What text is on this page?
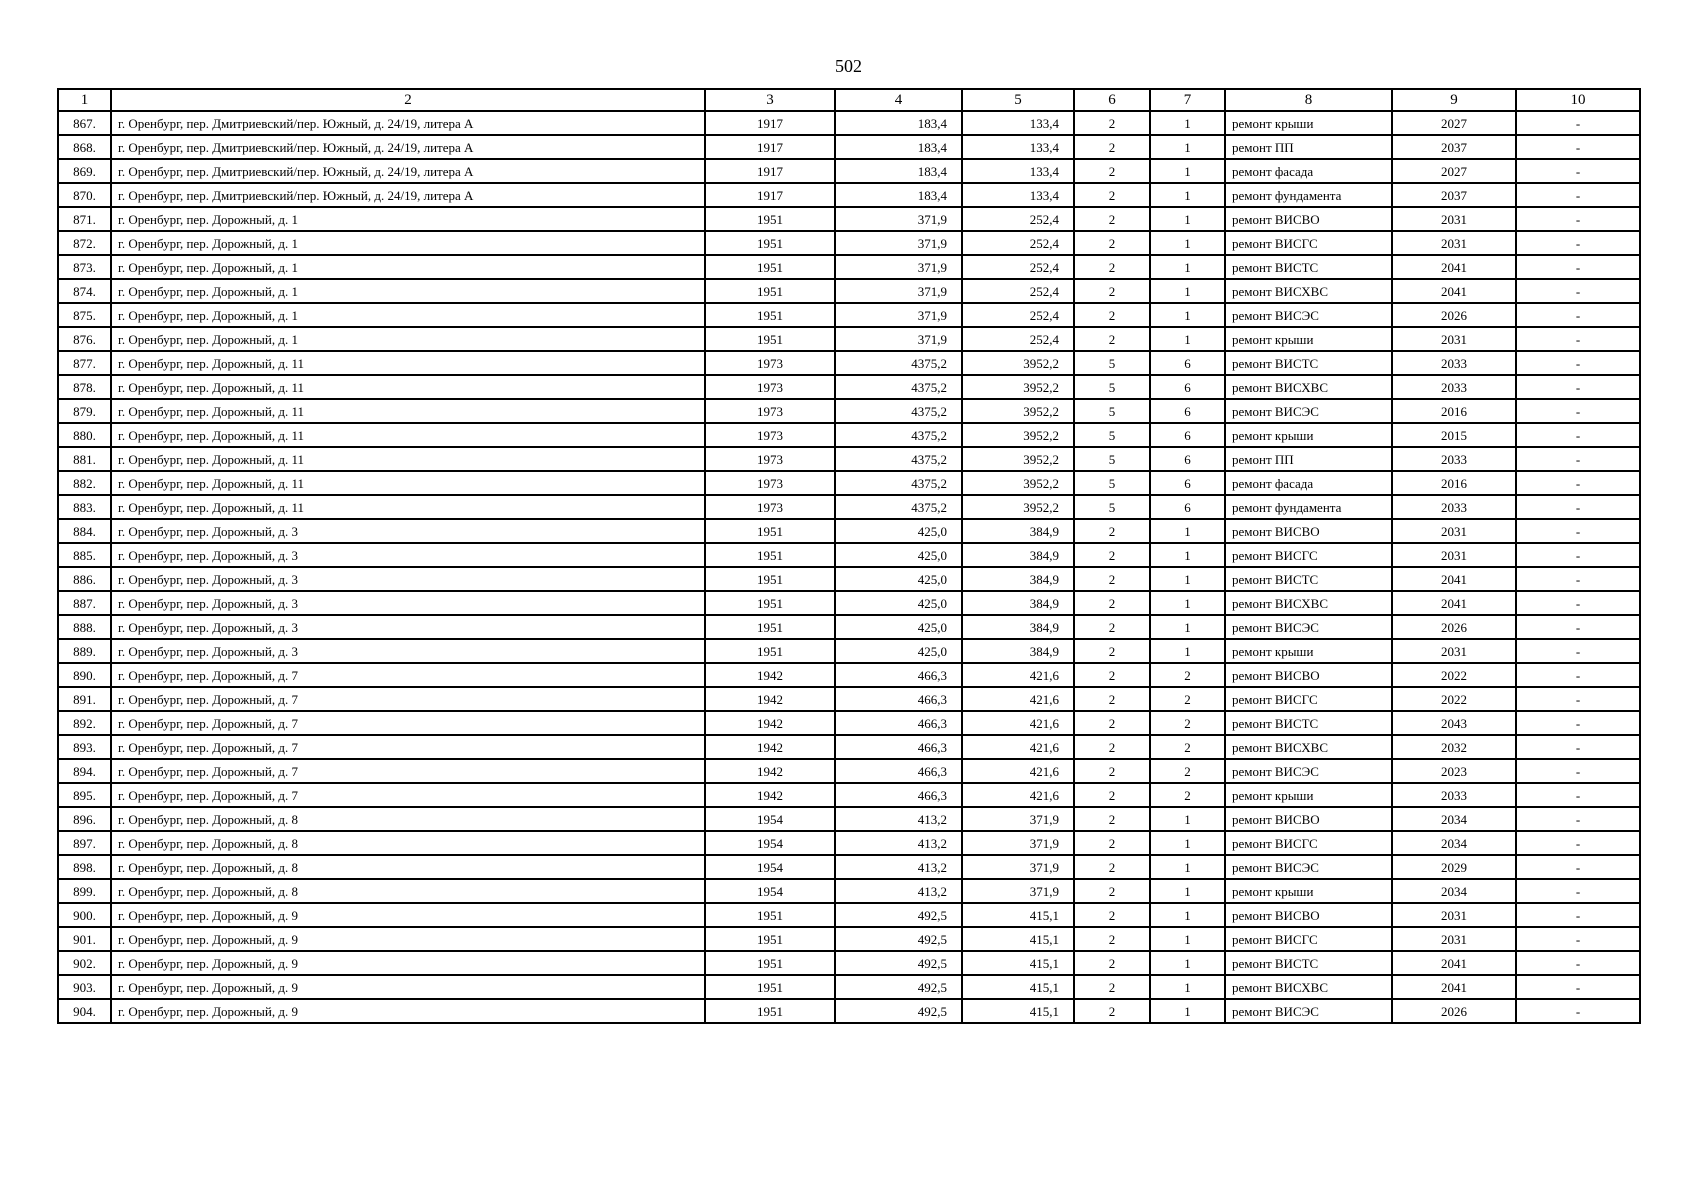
502
1	2	3	4	5	6	7	8	9	10
867.	г. Оренбург, пер. Дмитриевский/пер. Южный, д. 24/19, литера А	1917	183,4	133,4	2	1	ремонт крыши	2027	-
868.	г. Оренбург, пер. Дмитриевский/пер. Южный, д. 24/19, литера А	1917	183,4	133,4	2	1	ремонт ПП	2037	-
869.	г. Оренбург, пер. Дмитриевский/пер. Южный, д. 24/19, литера А	1917	183,4	133,4	2	1	ремонт фасада	2027	-
870.	г. Оренбург, пер. Дмитриевский/пер. Южный, д. 24/19, литера А	1917	183,4	133,4	2	1	ремонт фундамента	2037	-
871.	г. Оренбург, пер. Дорожный, д. 1	1951	371,9	252,4	2	1	ремонт ВИСВО	2031	-
872.	г. Оренбург, пер. Дорожный, д. 1	1951	371,9	252,4	2	1	ремонт ВИСГС	2031	-
873.	г. Оренбург, пер. Дорожный, д. 1	1951	371,9	252,4	2	1	ремонт ВИСТС	2041	-
874.	г. Оренбург, пер. Дорожный, д. 1	1951	371,9	252,4	2	1	ремонт ВИСХВС	2041	-
875.	г. Оренбург, пер. Дорожный, д. 1	1951	371,9	252,4	2	1	ремонт ВИСЭС	2026	-
876.	г. Оренбург, пер. Дорожный, д. 1	1951	371,9	252,4	2	1	ремонт крыши	2031	-
877.	г. Оренбург, пер. Дорожный, д. 11	1973	4375,2	3952,2	5	6	ремонт ВИСТС	2033	-
878.	г. Оренбург, пер. Дорожный, д. 11	1973	4375,2	3952,2	5	6	ремонт ВИСХВС	2033	-
879.	г. Оренбург, пер. Дорожный, д. 11	1973	4375,2	3952,2	5	6	ремонт ВИСЭС	2016	-
880.	г. Оренбург, пер. Дорожный, д. 11	1973	4375,2	3952,2	5	6	ремонт крыши	2015	-
881.	г. Оренбург, пер. Дорожный, д. 11	1973	4375,2	3952,2	5	6	ремонт ПП	2033	-
882.	г. Оренбург, пер. Дорожный, д. 11	1973	4375,2	3952,2	5	6	ремонт фасада	2016	-
883.	г. Оренбург, пер. Дорожный, д. 11	1973	4375,2	3952,2	5	6	ремонт фундамента	2033	-
884.	г. Оренбург, пер. Дорожный, д. 3	1951	425,0	384,9	2	1	ремонт ВИСВО	2031	-
885.	г. Оренбург, пер. Дорожный, д. 3	1951	425,0	384,9	2	1	ремонт ВИСГС	2031	-
886.	г. Оренбург, пер. Дорожный, д. 3	1951	425,0	384,9	2	1	ремонт ВИСТС	2041	-
887.	г. Оренбург, пер. Дорожный, д. 3	1951	425,0	384,9	2	1	ремонт ВИСХВС	2041	-
888.	г. Оренбург, пер. Дорожный, д. 3	1951	425,0	384,9	2	1	ремонт ВИСЭС	2026	-
889.	г. Оренбург, пер. Дорожный, д. 3	1951	425,0	384,9	2	1	ремонт крыши	2031	-
890.	г. Оренбург, пер. Дорожный, д. 7	1942	466,3	421,6	2	2	ремонт ВИСВО	2022	-
891.	г. Оренбург, пер. Дорожный, д. 7	1942	466,3	421,6	2	2	ремонт ВИСГС	2022	-
892.	г. Оренбург, пер. Дорожный, д. 7	1942	466,3	421,6	2	2	ремонт ВИСТС	2043	-
893.	г. Оренбург, пер. Дорожный, д. 7	1942	466,3	421,6	2	2	ремонт ВИСХВС	2032	-
894.	г. Оренбург, пер. Дорожный, д. 7	1942	466,3	421,6	2	2	ремонт ВИСЭС	2023	-
895.	г. Оренбург, пер. Дорожный, д. 7	1942	466,3	421,6	2	2	ремонт крыши	2033	-
896.	г. Оренбург, пер. Дорожный, д. 8	1954	413,2	371,9	2	1	ремонт ВИСВО	2034	-
897.	г. Оренбург, пер. Дорожный, д. 8	1954	413,2	371,9	2	1	ремонт ВИСГС	2034	-
898.	г. Оренбург, пер. Дорожный, д. 8	1954	413,2	371,9	2	1	ремонт ВИСЭС	2029	-
899.	г. Оренбург, пер. Дорожный, д. 8	1954	413,2	371,9	2	1	ремонт крыши	2034	-
900.	г. Оренбург, пер. Дорожный, д. 9	1951	492,5	415,1	2	1	ремонт ВИСВО	2031	-
901.	г. Оренбург, пер. Дорожный, д. 9	1951	492,5	415,1	2	1	ремонт ВИСГС	2031	-
902.	г. Оренбург, пер. Дорожный, д. 9	1951	492,5	415,1	2	1	ремонт ВИСТС	2041	-
903.	г. Оренбург, пер. Дорожный, д. 9	1951	492,5	415,1	2	1	ремонт ВИСХВС	2041	-
904.	г. Оренбург, пер. Дорожный, д. 9	1951	492,5	415,1	2	1	ремонт ВИСЭС	2026	-
